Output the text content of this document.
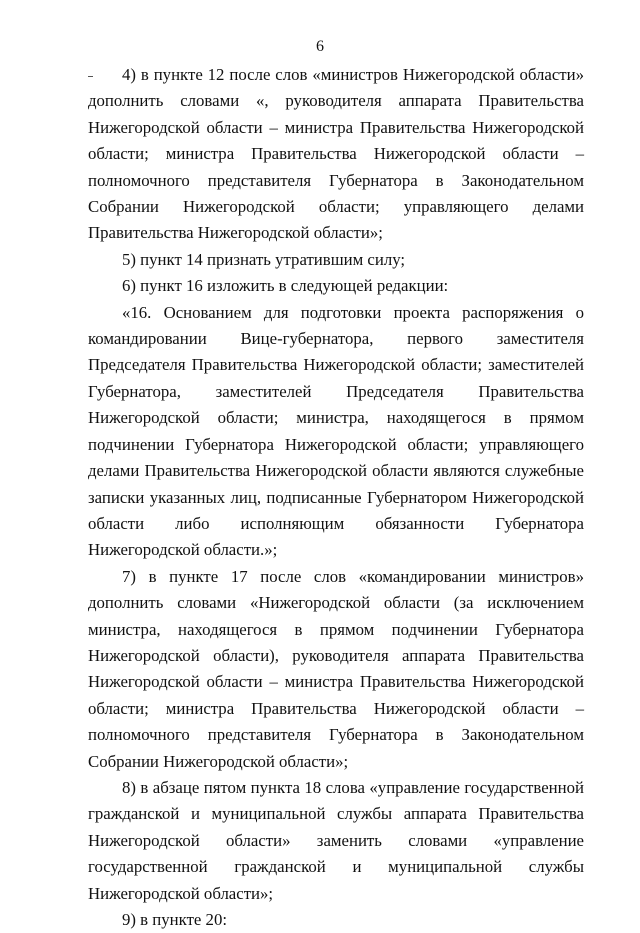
6

4) в пункте 12 после слов «министров Нижегородской области» дополнить словами «, руководителя аппарата Правительства Нижегородской области – министра Правительства Нижегородской области; министра Правительства Нижегородской области – полномочного представителя Губернатора в Законодательном Собрании Нижегородской области; управляющего делами Правительства Нижегородской области»;

5) пункт 14 признать утратившим силу;

6) пункт 16 изложить в следующей редакции:

«16. Основанием для подготовки проекта распоряжения о командировании Вице-губернатора, первого заместителя Председателя Правительства Нижегородской области; заместителей Губернатора, заместителей Председателя Правительства Нижегородской области; министра, находящегося в прямом подчинении Губернатора Нижегородской области; управляющего делами Правительства Нижегородской области являются служебные записки указанных лиц, подписанные Губернатором Нижегородской области либо исполняющим обязанности Губернатора Нижегородской области.»;

7) в пункте 17 после слов «командировании министров» дополнить словами «Нижегородской области (за исключением министра, находящегося в прямом подчинении Губернатора Нижегородской области), руководителя аппарата Правительства Нижегородской области – министра Правительства Нижегородской области; министра Правительства Нижегородской области – полномочного представителя Губернатора в Законодательном Собрании Нижегородской области»;

8) в абзаце пятом пункта 18 слова «управление государственной гражданской и муниципальной службы аппарата Правительства Нижегородской области» заменить словами «управление государственной гражданской и муниципальной службы Нижегородской области»;

9) в пункте 20:
